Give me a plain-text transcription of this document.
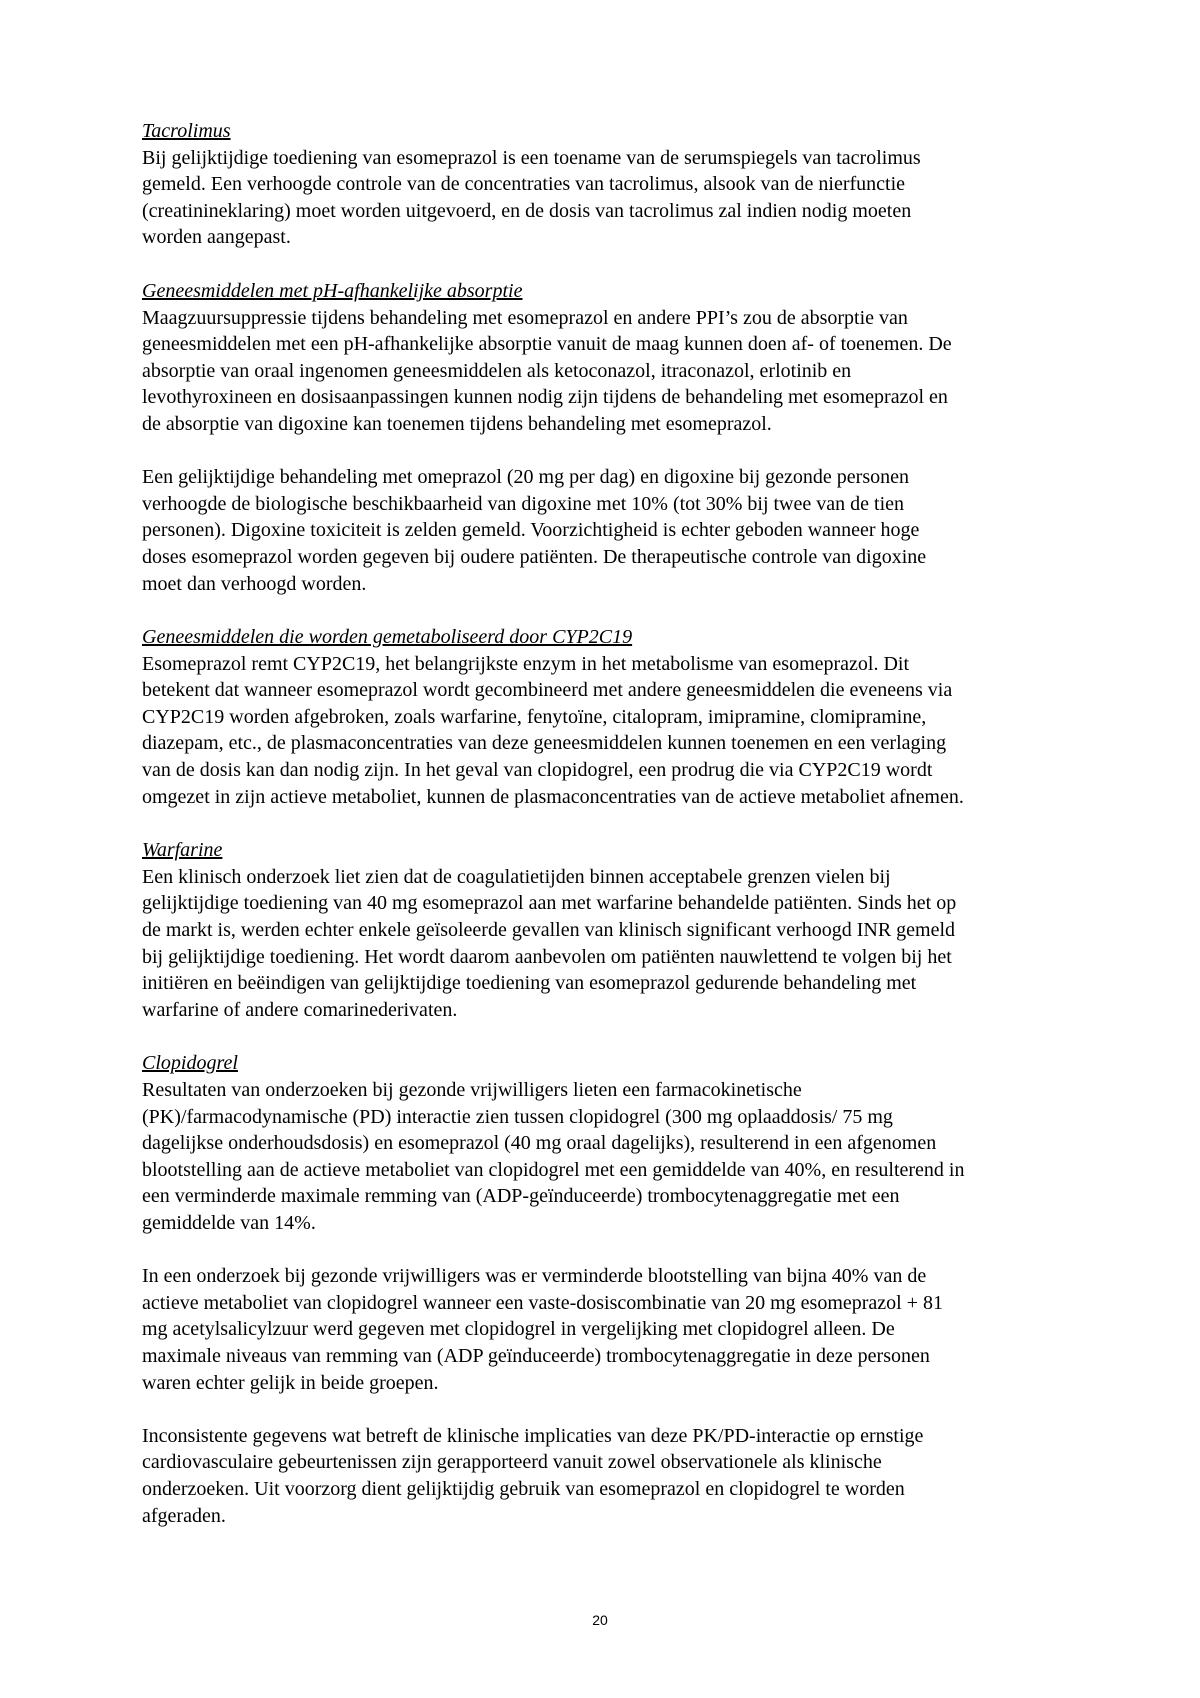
Tacrolimus

Bij gelijktijdige toediening van esomeprazol is een toename van de serumspiegels van tacrolimus
gemeld. Een verhoogde controle van de concentraties van tacrolimus, alsook van de nierfunctie
(creatinineklaring) moet worden uitgevoerd, en de dosis van tacrolimus zal indien nodig moeten
worden aangepast.

Geneesmiddelen met pH-afhankelijke absorptie

Maagzuursuppressie tijdens behandeling met esomeprazol en andere PPI’s zou de absorptie van
geneesmiddelen met een pH-afhankelijke absorptie vanuit de maag kunnen doen af- of toenemen. De
absorptie van oraal ingenomen geneesmiddelen als ketoconazol, itraconazol, erlotinib en
levothyroxineen en dosisaanpassingen kunnen nodig zijn tijdens de behandeling met esomeprazol en
de absorptie van digoxine kan toenemen tijdens behandeling met esomeprazol.

Een gelijktijdige behandeling met omeprazol (20 mg per dag) en digoxine bij gezonde personen
verhoogde de biologische beschikbaarheid van digoxine met 10% (tot 30% bij twee van de tien
personen). Digoxine toxiciteit is zelden gemeld. Voorzichtigheid is echter geboden wanneer hoge
doses esomeprazol worden gegeven bij oudere patiënten. De therapeutische controle van digoxine
moet dan verhoogd worden.

Geneesmiddelen die worden gemetaboliseerd door CYP2C19

Esomeprazol remt CYP2C19, het belangrijkste enzym in het metabolisme van esomeprazol. Dit
betekent dat wanneer esomeprazol wordt gecombineerd met andere geneesmiddelen die eveneens via
CYP2C19 worden afgebroken, zoals warfarine, fenytoïne, citalopram, imipramine, clomipramine,
diazepam, etc., de plasmaconcentraties van deze geneesmiddelen kunnen toenemen en een verlaging
van de dosis kan dan nodig zijn. In het geval van clopidogrel, een prodrug die via CYP2C19 wordt
omgezet in zijn actieve metaboliet, kunnen de plasmaconcentraties van de actieve metaboliet afnemen.

Warfarine

Een klinisch onderzoek liet zien dat de coagulatietijden binnen acceptabele grenzen vielen bij
gelijktijdige toediening van 40 mg esomeprazol aan met warfarine behandelde patiënten. Sinds het op
de markt is, werden echter enkele geïsoleerde gevallen van klinisch significant verhoogd INR gemeld
bij gelijktijdige toediening. Het wordt daarom aanbevolen om patiënten nauwlettend te volgen bij het
initiëren en beëindigen van gelijktijdige toediening van esomeprazol gedurende behandeling met
warfarine of andere comarinederivaten.

Clopidogrel

Resultaten van onderzoeken bij gezonde vrijwilligers lieten een farmacokinetische
(PK)/farmacodynamische (PD) interactie zien tussen clopidogrel (300 mg oplaaddosis/ 75 mg
dagelijkse onderhoudsdosis) en esomeprazol (40 mg oraal dagelijks), resulterend in een afgenomen
blootstelling aan de actieve metaboliet van clopidogrel met een gemiddelde van 40%, en resulterend in
een verminderde maximale remming van (ADP-geïnduceerde) trombocytenaggregatie met een
gemiddelde van 14%.

In een onderzoek bij gezonde vrijwilligers was er verminderde blootstelling van bijna 40% van de
actieve metaboliet van clopidogrel wanneer een vaste-dosiscombinatie van 20 mg esomeprazol + 81
mg acetylsalicylzuur werd gegeven met clopidogrel in vergelijking met clopidogrel alleen. De
maximale niveaus van remming van (ADP geïnduceerde) trombocytenaggregatie in deze personen
waren echter gelijk in beide groepen.

Inconsistente gegevens wat betreft de klinische implicaties van deze PK/PD-interactie op ernstige
cardiovasculaire gebeurtenissen zijn gerapporteerd vanuit zowel observationele als klinische
onderzoeken. Uit voorzorg dient gelijktijdig gebruik van esomeprazol en clopidogrel te worden
afgeraden.

20
